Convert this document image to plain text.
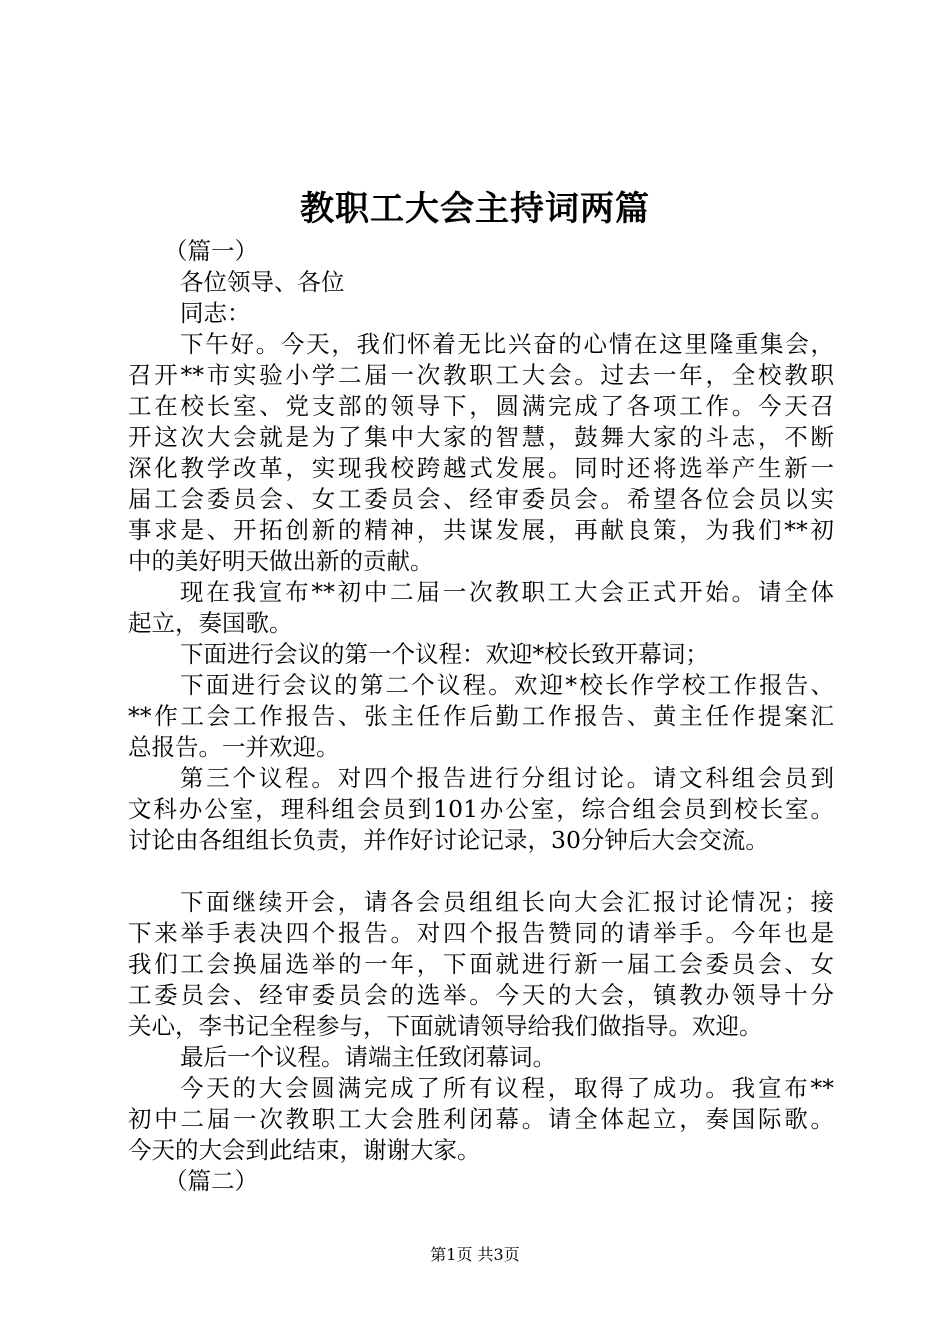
教职工大会主持词两篇
（篇一）
各位领导、各位
同志：
下午好。今天，我们怀着无比兴奋的心情在这里隆重集会，
召开**市实验小学二届一次教职工大会。过去一年，全校教职
工在校长室、党支部的领导下，圆满完成了各项工作。今天召
开这次大会就是为了集中大家的智慧，鼓舞大家的斗志，不断
深化教学改革，实现我校跨越式发展。同时还将选举产生新一
届工会委员会、女工委员会、经审委员会。希望各位会员以实
事求是、开拓创新的精神，共谋发展，再献良策，为我们**初
中的美好明天做出新的贡献。
现在我宣布**初中二届一次教职工大会正式开始。请全体
起立，奏国歌。
下面进行会议的第一个议程：欢迎*校长致开幕词；
下面进行会议的第二个议程。欢迎*校长作学校工作报告、
**作工会工作报告、张主任作后勤工作报告、黄主任作提案汇
总报告。一并欢迎。
第三个议程。对四个报告进行分组讨论。请文科组会员到
文科办公室，理科组会员到101办公室，综合组会员到校长室。
讨论由各组组长负责，并作好讨论记录，30分钟后大会交流。
下面继续开会，请各会员组组长向大会汇报讨论情况；接
下来举手表决四个报告。对四个报告赞同的请举手。今年也是
我们工会换届选举的一年，下面就进行新一届工会委员会、女
工委员会、经审委员会的选举。今天的大会，镇教办领导十分
关心，李书记全程参与，下面就请领导给我们做指导。欢迎。
最后一个议程。请端主任致闭幕词。
今天的大会圆满完成了所有议程，取得了成功。我宣布**
初中二届一次教职工大会胜利闭幕。请全体起立，奏国际歌。
今天的大会到此结束，谢谢大家。
（篇二）
第1页 共3页
